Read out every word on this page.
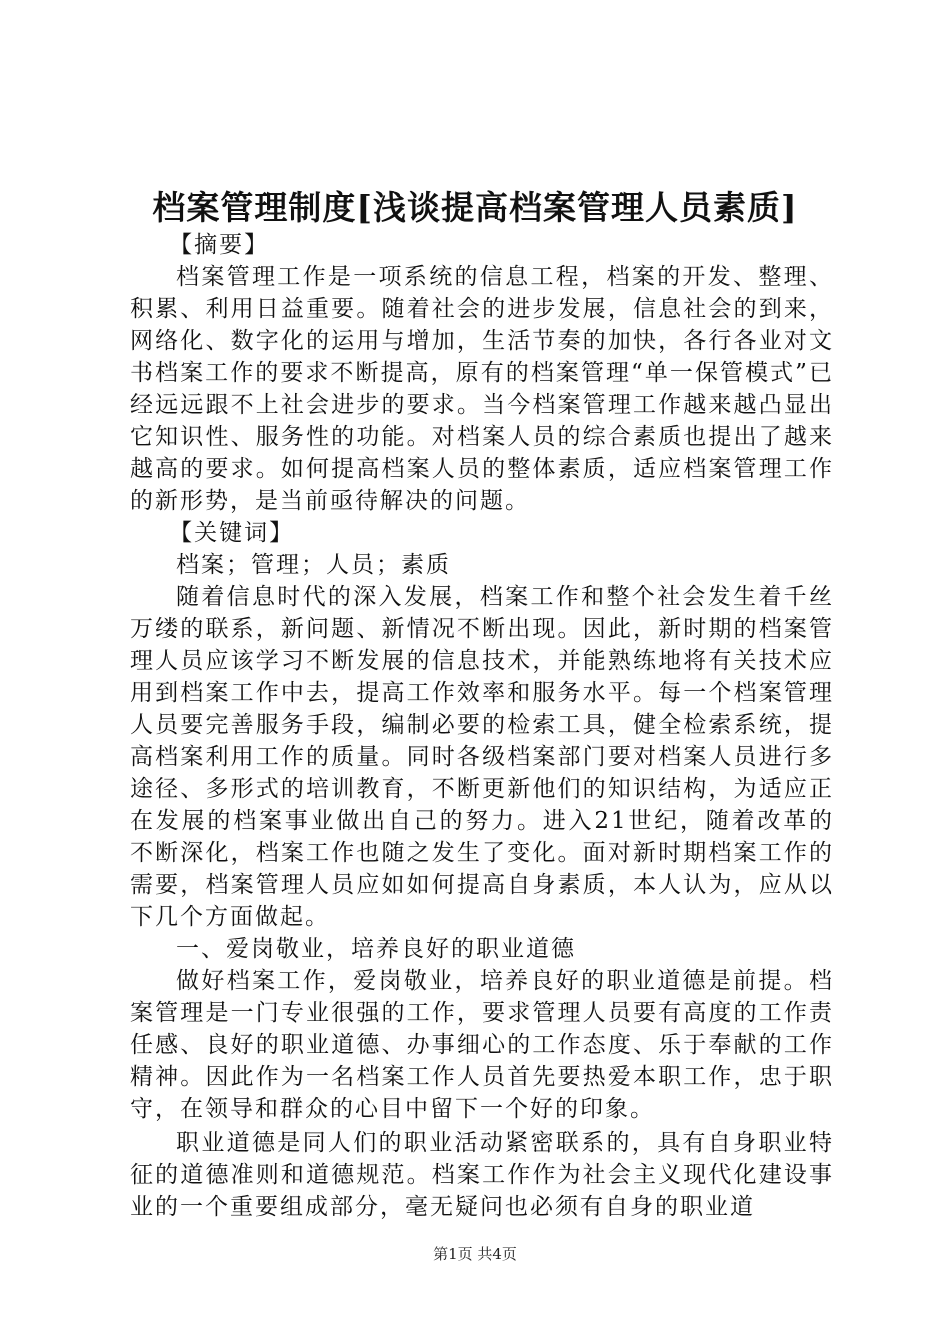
档案管理制度[浅谈提高档案管理人员素质]

【摘要】

档案管理工作是一项系统的信息工程，档案的开发、整理、积累、利用日益重要。随着社会的进步发展，信息社会的到来，网络化、数字化的运用与增加，生活节奏的加快，各行各业对文书档案工作的要求不断提高，原有的档案管理“单一保管模式”已经远远跟不上社会进步的要求。当今档案管理工作越来越凸显出它知识性、服务性的功能。对档案人员的综合素质也提出了越来越高的要求。如何提高档案人员的整体素质，适应档案管理工作的新形势，是当前亟待解决的问题。

【关键词】

档案；管理；人员；素质

随着信息时代的深入发展，档案工作和整个社会发生着千丝万缕的联系，新问题、新情况不断出现。因此，新时期的档案管理人员应该学习不断发展的信息技术，并能熟练地将有关技术应用到档案工作中去，提高工作效率和服务水平。每一个档案管理人员要完善服务手段，编制必要的检索工具，健全检索系统，提高档案利用工作的质量。同时各级档案部门要对档案人员进行多途径、多形式的培训教育，不断更新他们的知识结构，为适应正在发展的档案事业做出自己的努力。进入21世纪，随着改革的不断深化，档案工作也随之发生了变化。面对新时期档案工作的需要，档案管理人员应如如何提高自身素质，本人认为，应从以下几个方面做起。

一、爱岗敬业，培养良好的职业道德

做好档案工作，爱岗敬业，培养良好的职业道德是前提。档案管理是一门专业很强的工作，要求管理人员要有高度的工作责任感、良好的职业道德、办事细心的工作态度、乐于奉献的工作精神。因此作为一名档案工作人员首先要热爱本职工作，忠于职守，在领导和群众的心目中留下一个好的印象。

职业道德是同人们的职业活动紧密联系的，具有自身职业特征的道德准则和道德规范。档案工作作为社会主义现代化建设事业的一个重要组成部分，毫无疑问也必须有自身的职业道

第1页 共4页
